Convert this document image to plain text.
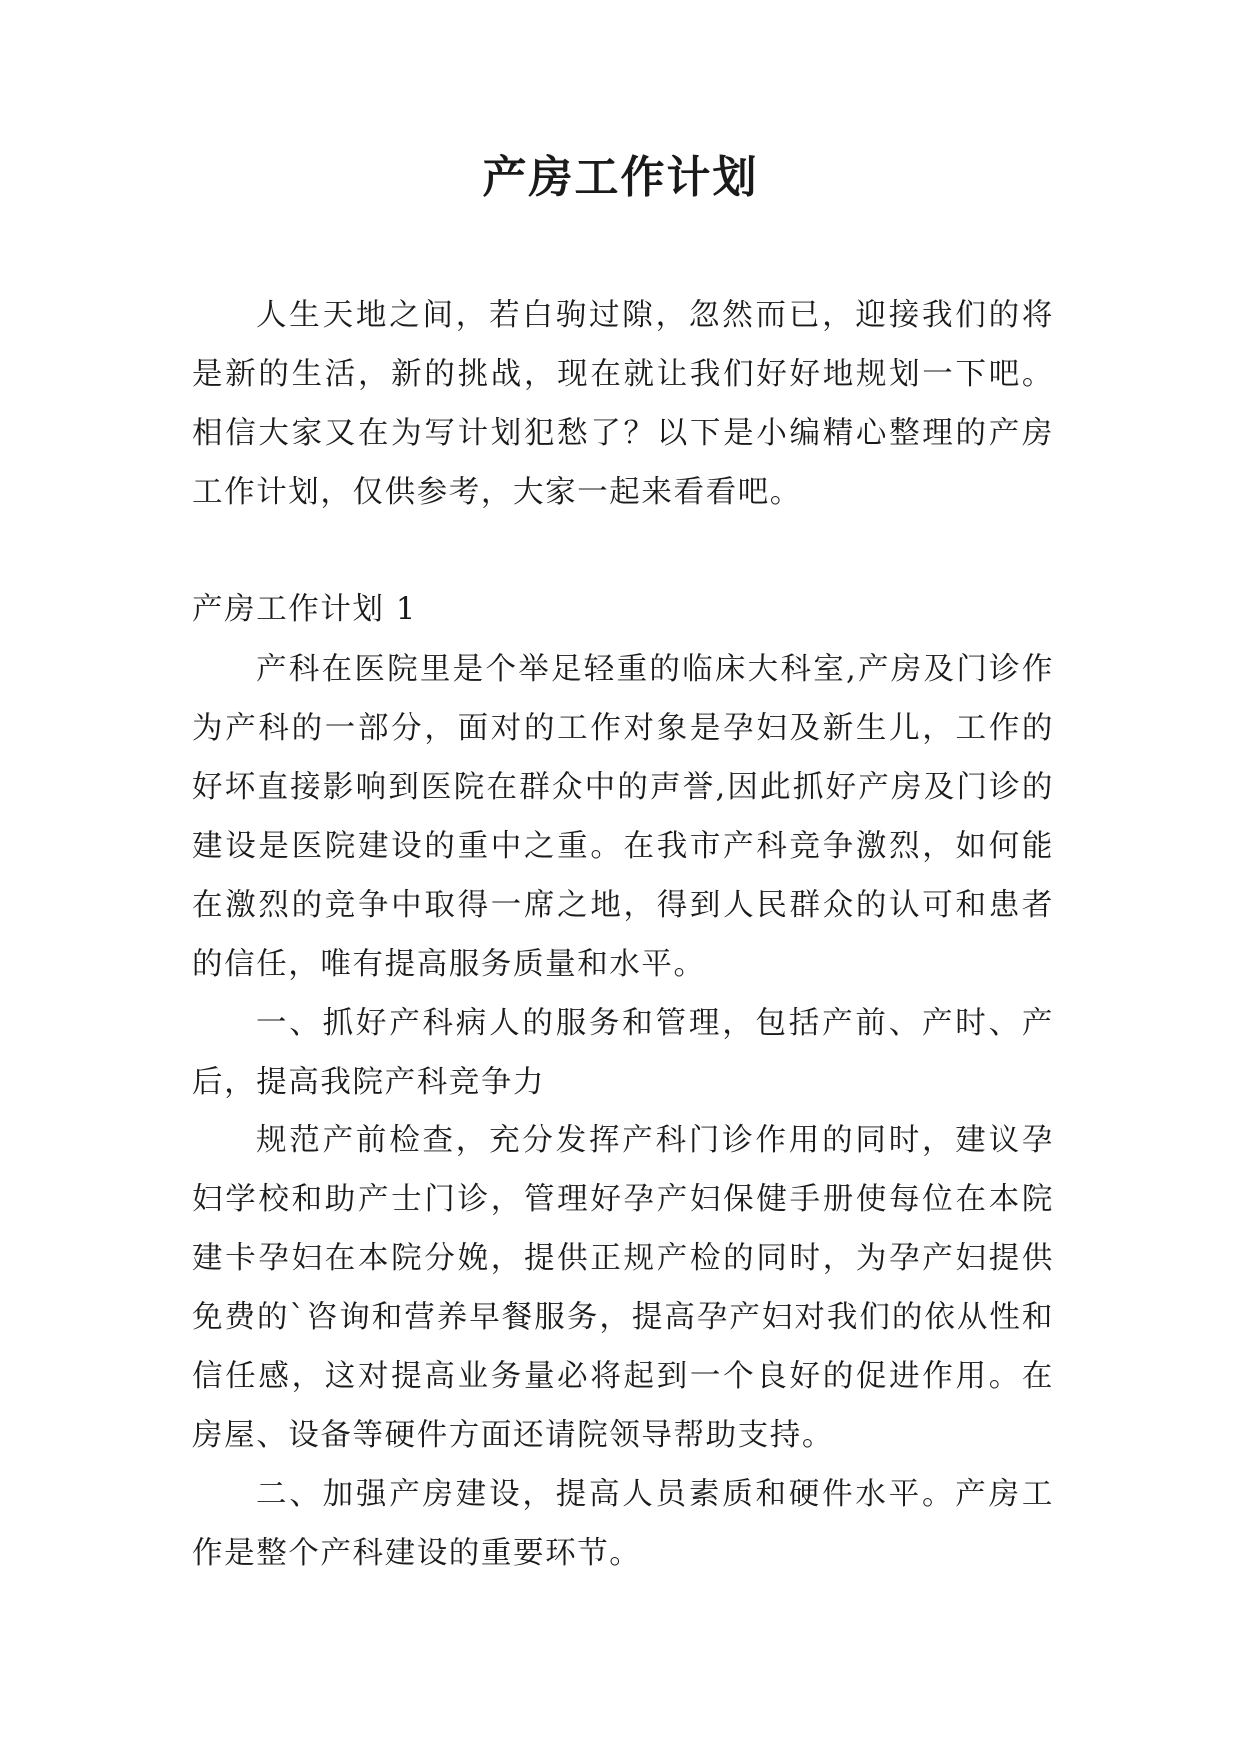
产房工作计划

人生天地之间，若白驹过隙，忽然而已，迎接我们的将是新的生活，新的挑战，现在就让我们好好地规划一下吧。相信大家又在为写计划犯愁了？以下是小编精心整理的产房工作计划，仅供参考，大家一起来看看吧。

产房工作计划 1

产科在医院里是个举足轻重的临床大科室,产房及门诊作为产科的一部分，面对的工作对象是孕妇及新生儿，工作的好坏直接影响到医院在群众中的声誉,因此抓好产房及门诊的建设是医院建设的重中之重。在我市产科竞争激烈，如何能在激烈的竞争中取得一席之地，得到人民群众的认可和患者的信任，唯有提高服务质量和水平。

一、抓好产科病人的服务和管理，包括产前、产时、产后，提高我院产科竞争力

规范产前检查，充分发挥产科门诊作用的同时，建议孕妇学校和助产士门诊，管理好孕产妇保健手册使每位在本院建卡孕妇在本院分娩，提供正规产检的同时，为孕产妇提供免费的`咨询和营养早餐服务，提高孕产妇对我们的依从性和信任感，这对提高业务量必将起到一个良好的促进作用。在房屋、设备等硬件方面还请院领导帮助支持。

二、加强产房建设，提高人员素质和硬件水平。产房工作是整个产科建设的重要环节。
